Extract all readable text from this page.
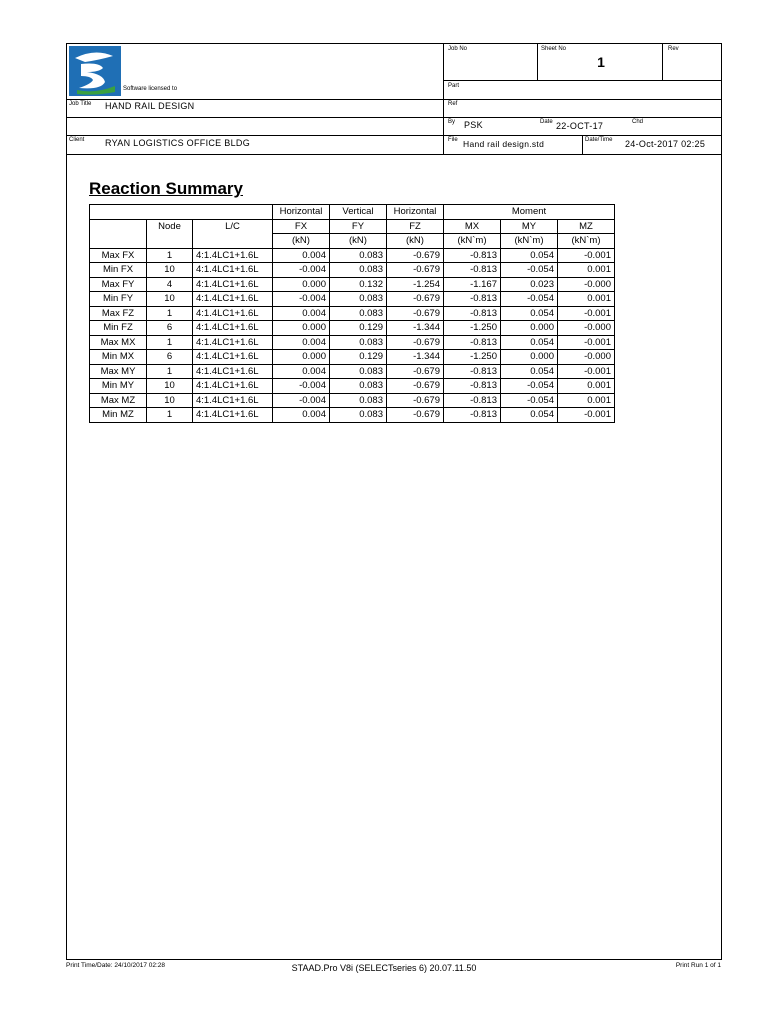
Software licensed to
Sheet No
1
Job No	Rev
Part
Job Title HAND RAIL DESIGN	Ref
By PSK	Date 22-OCT-17	Chd
Client RYAN LOGISTICS OFFICE BLDG	File Hand rail design.std	Date/Time 24-Oct-2017 02:25
Reaction Summary
			Horizontal	Vertical	Horizontal	Moment		
	Node	L/C	FX	FY	FZ	MX	MY	MZ
			(kN)	(kN)	(kN)	(kN`m)	(kN`m)	(kN`m)
Max FX	1	4:1.4LC1+1.6L	0.004	0.083	-0.679	-0.813	0.054	-0.001
Min FX	10	4:1.4LC1+1.6L	-0.004	0.083	-0.679	-0.813	-0.054	0.001
Max FY	4	4:1.4LC1+1.6L	0.000	0.132	-1.254	-1.167	0.023	-0.000
Min FY	10	4:1.4LC1+1.6L	-0.004	0.083	-0.679	-0.813	-0.054	0.001
Max FZ	1	4:1.4LC1+1.6L	0.004	0.083	-0.679	-0.813	0.054	-0.001
Min FZ	6	4:1.4LC1+1.6L	0.000	0.129	-1.344	-1.250	0.000	-0.000
Max MX	1	4:1.4LC1+1.6L	0.004	0.083	-0.679	-0.813	0.054	-0.001
Min MX	6	4:1.4LC1+1.6L	0.000	0.129	-1.344	-1.250	0.000	-0.000
Max MY	1	4:1.4LC1+1.6L	0.004	0.083	-0.679	-0.813	0.054	-0.001
Min MY	10	4:1.4LC1+1.6L	-0.004	0.083	-0.679	-0.813	-0.054	0.001
Max MZ	10	4:1.4LC1+1.6L	-0.004	0.083	-0.679	-0.813	-0.054	0.001
Min MZ	1	4:1.4LC1+1.6L	0.004	0.083	-0.679	-0.813	0.054	-0.001
Print Time/Date: 24/10/2017 02:28	STAAD.Pro V8i (SELECTseries 6) 20.07.11.50	Print Run 1 of 1
